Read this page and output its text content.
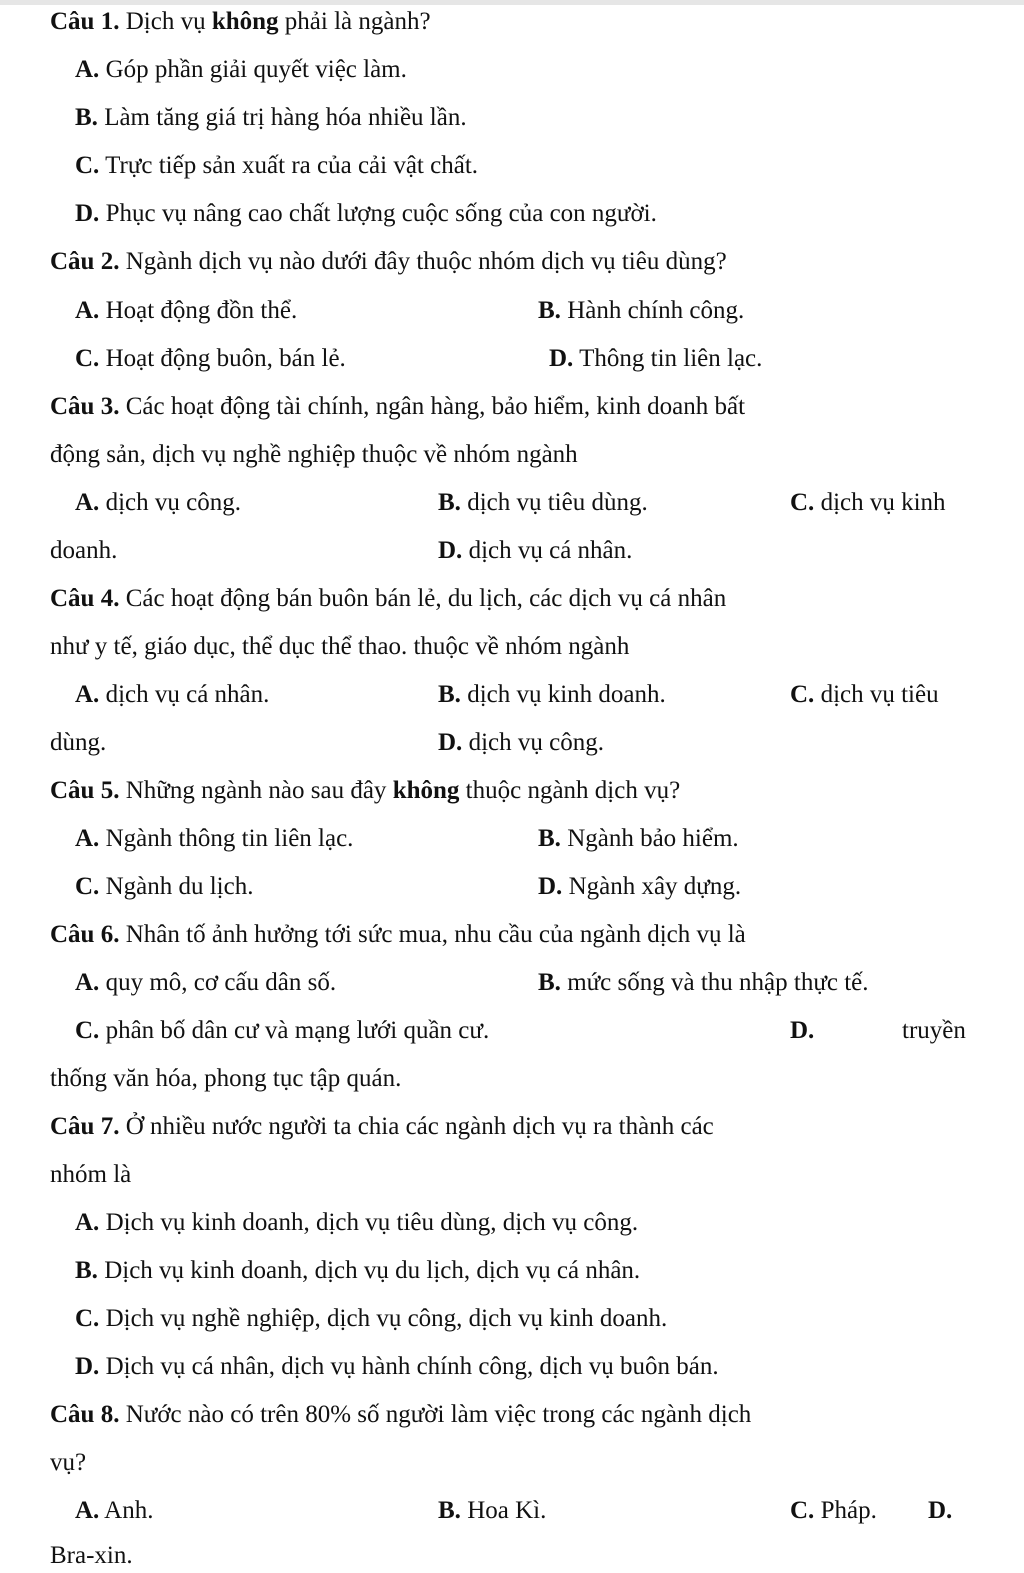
Câu 1. Dịch vụ không phải là ngành?
A. Góp phần giải quyết việc làm.
B. Làm tăng giá trị hàng hóa nhiều lần.
C. Trực tiếp sản xuất ra của cải vật chất.
D. Phục vụ nâng cao chất lượng cuộc sống của con người.
Câu 2. Ngành dịch vụ nào dưới đây thuộc nhóm dịch vụ tiêu dùng?
A. Hoạt động đồn thể.	B. Hành chính công.
C. Hoạt động buôn, bán lẻ.	D. Thông tin liên lạc.
Câu 3. Các hoạt động tài chính, ngân hàng, bảo hiểm, kinh doanh bất
động sản, dịch vụ nghề nghiệp thuộc về nhóm ngành
A. dịch vụ công.	B. dịch vụ tiêu dùng.	C. dịch vụ kinh
doanh.	D. dịch vụ cá nhân.
Câu 4. Các hoạt động bán buôn bán lẻ, du lịch, các dịch vụ cá nhân
như y tế, giáo dục, thể dục thể thao. thuộc về nhóm ngành
A. dịch vụ cá nhân.	B. dịch vụ kinh doanh.	C. dịch vụ tiêu
dùng.	D. dịch vụ công.
Câu 5. Những ngành nào sau đây không thuộc ngành dịch vụ?
A. Ngành thông tin liên lạc.	B. Ngành bảo hiểm.
C. Ngành du lịch.	D. Ngành xây dựng.
Câu 6. Nhân tố ảnh hưởng tới sức mua, nhu cầu của ngành dịch vụ là
A. quy mô, cơ cấu dân số.	B. mức sống và thu nhập thực tế.
C. phân bố dân cư và mạng lưới quần cư.	D.	truyền
thống văn hóa, phong tục tập quán.
Câu 7. Ở nhiều nước người ta chia các ngành dịch vụ ra thành các
nhóm là
A. Dịch vụ kinh doanh, dịch vụ tiêu dùng, dịch vụ công.
B. Dịch vụ kinh doanh, dịch vụ du lịch, dịch vụ cá nhân.
C. Dịch vụ nghề nghiệp, dịch vụ công, dịch vụ kinh doanh.
D. Dịch vụ cá nhân, dịch vụ hành chính công, dịch vụ buôn bán.
Câu 8. Nước nào có trên 80% số người làm việc trong các ngành dịch
vụ?
A. Anh.	B. Hoa Kì.	C. Pháp. D.
Bra-xin.
